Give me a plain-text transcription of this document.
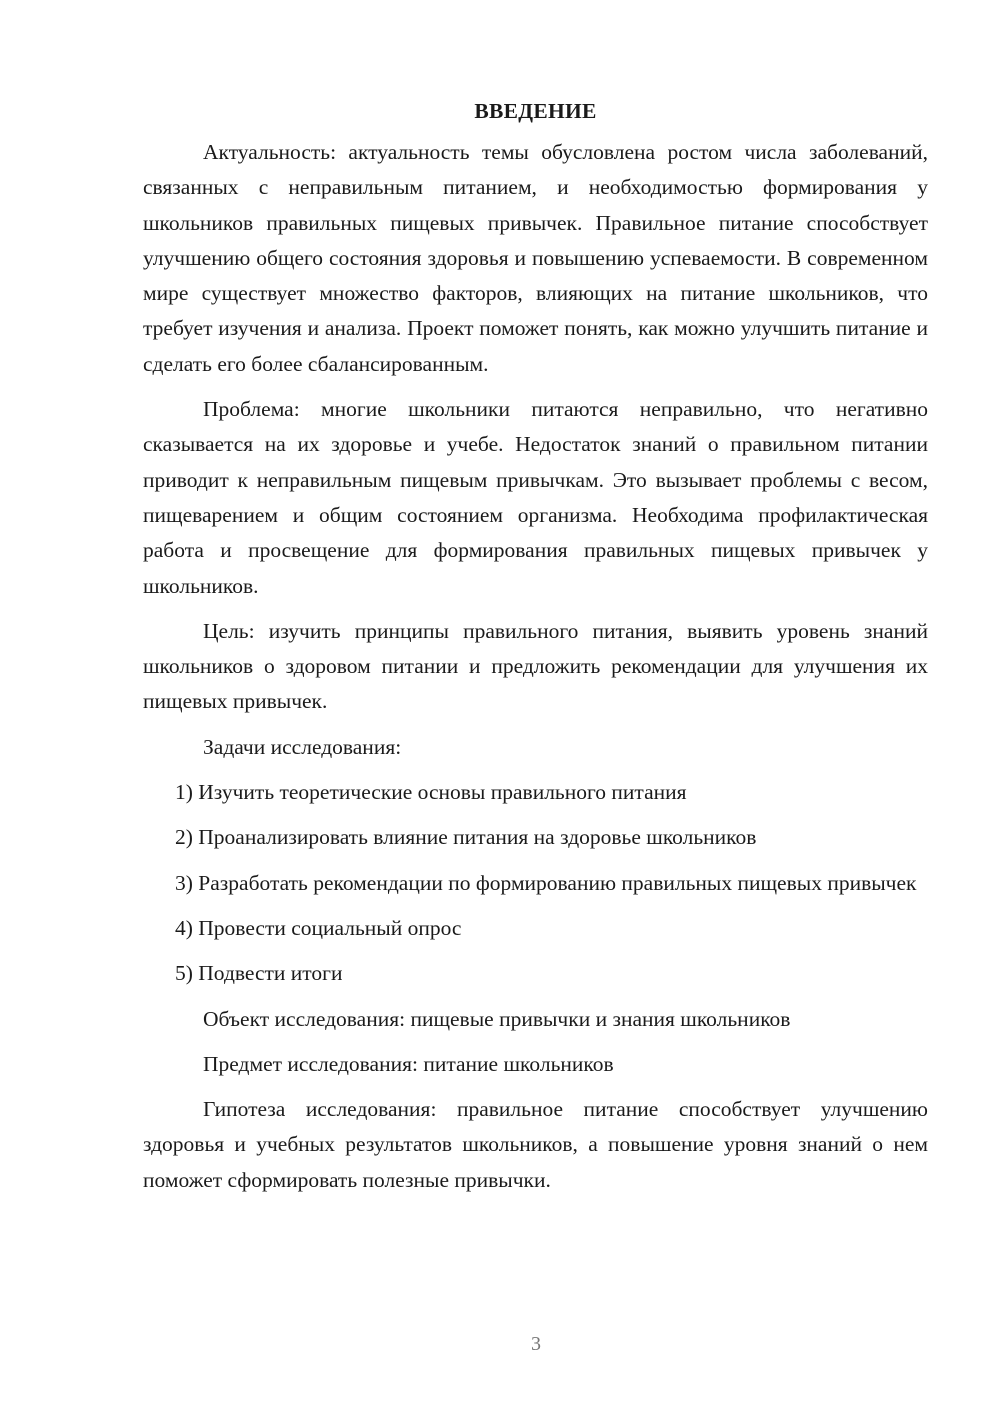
ВВЕДЕНИЕ

Актуальность: актуальность темы обусловлена ростом числа заболеваний, связанных с неправильным питанием, и необходимостью формирования у школьников правильных пищевых привычек. Правильное питание способствует улучшению общего состояния здоровья и повышению успеваемости. В современном мире существует множество факторов, влияющих на питание школьников, что требует изучения и анализа. Проект поможет понять, как можно улучшить питание и сделать его более сбалансированным.

Проблема: многие школьники питаются неправильно, что негативно сказывается на их здоровье и учебе. Недостаток знаний о правильном питании приводит к неправильным пищевым привычкам. Это вызывает проблемы с весом, пищеварением и общим состоянием организма. Необходима профилактическая работа и просвещение для формирования правильных пищевых привычек у школьников.

Цель: изучить принципы правильного питания, выявить уровень знаний школьников о здоровом питании и предложить рекомендации для улучшения их пищевых привычек.

Задачи исследования:

1) Изучить теоретические основы правильного питания

2) Проанализировать влияние питания на здоровье школьников

3) Разработать рекомендации по формированию правильных пищевых привычек

4) Провести социальный опрос

5) Подвести итоги

Объект исследования: пищевые привычки и знания школьников

Предмет исследования: питание школьников

Гипотеза исследования: правильное питание способствует улучшению здоровья и учебных результатов школьников, а повышение уровня знаний о нем поможет сформировать полезные привычки.

3
